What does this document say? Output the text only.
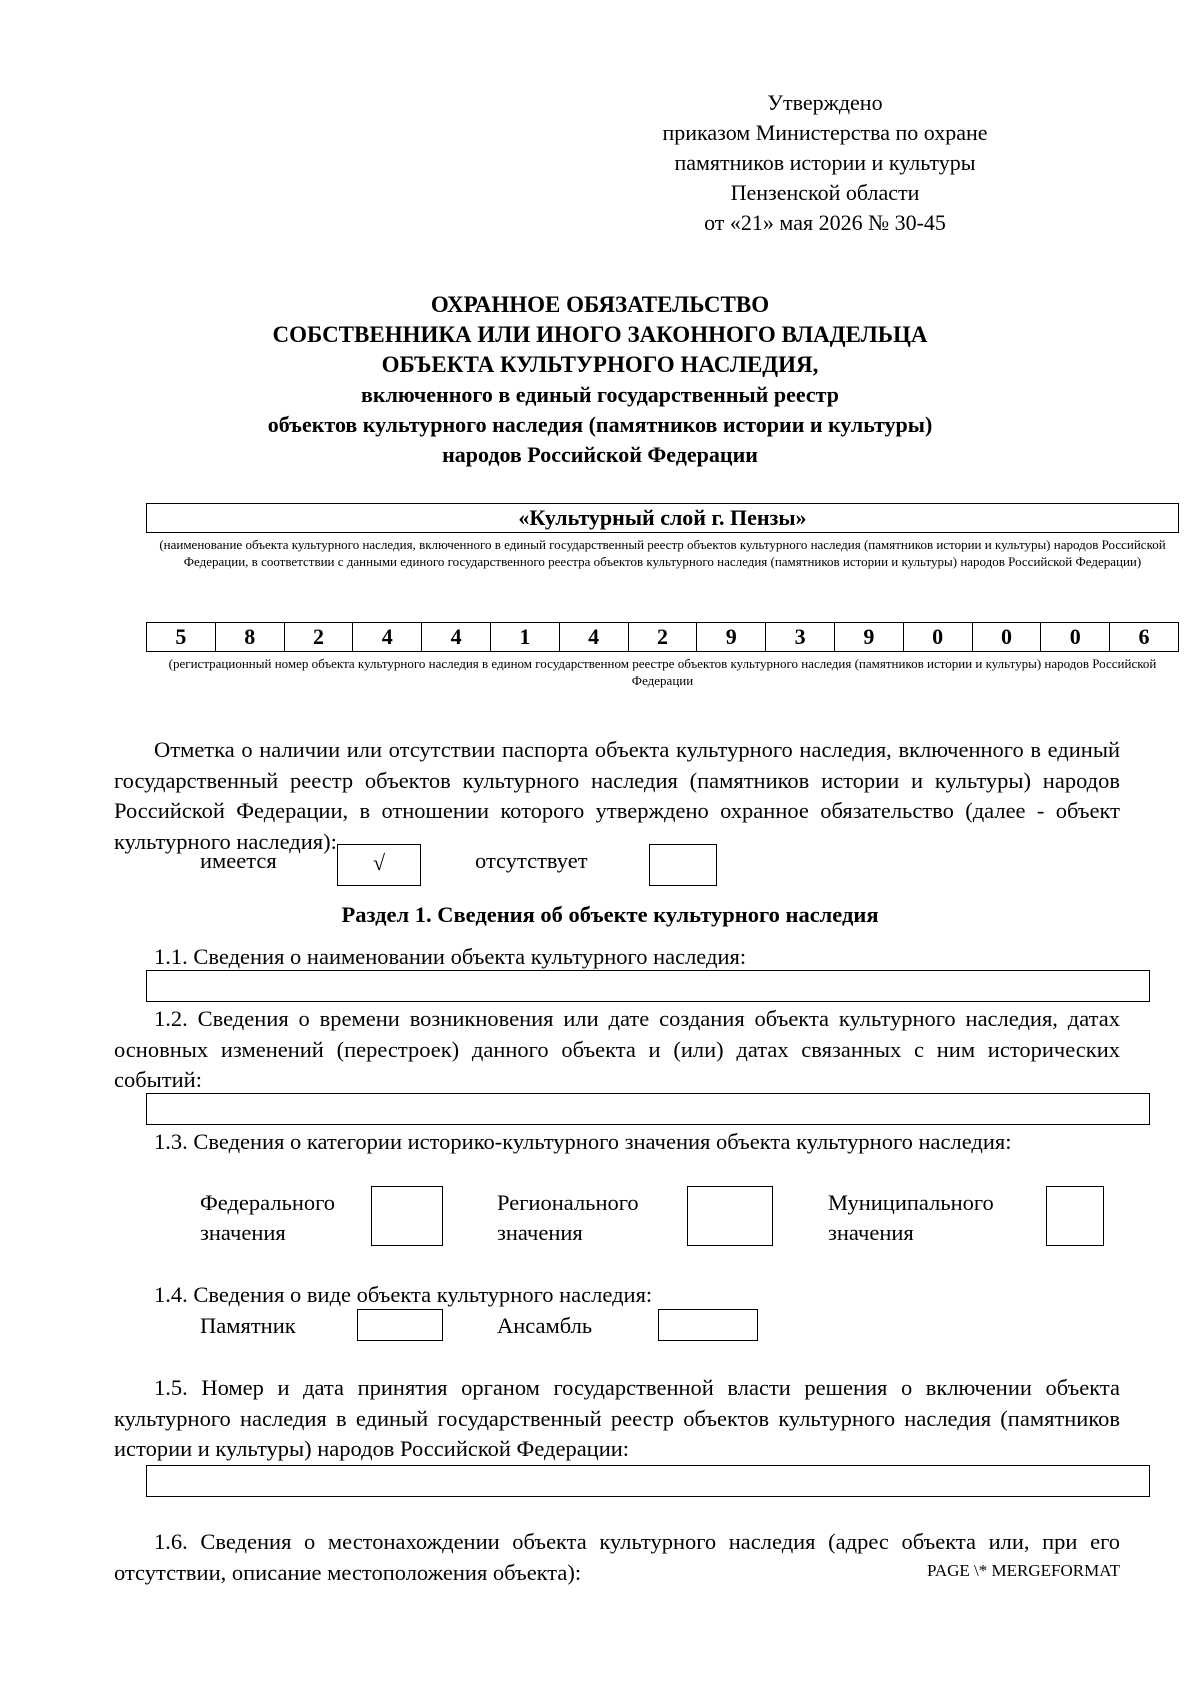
Утверждено
приказом Министерства по охране
памятников истории и культуры
Пензенской области
от «21» мая 2026 № 30-45
ОХРАННОЕ ОБЯЗАТЕЛЬСТВО
СОБСТВЕННИКА ИЛИ ИНОГО ЗАКОННОГО ВЛАДЕЛЬЦА
ОБЪЕКТА КУЛЬТУРНОГО НАСЛЕДИЯ,
включенного в единый государственный реестр
объектов культурного наследия (памятников истории и культуры)
народов Российской Федерации
«Культурный слой г. Пензы»
(наименование объекта культурного наследия, включенного в единый государственный реестр объектов культурного наследия (памятников истории и культуры) народов Российской Федерации, в соответствии с данными единого государственного реестра объектов культурного наследия (памятников истории и культуры) народов Российской Федерации)
5	8	2	4	4	1	4	2	9	3	9	0	0	0	6
(регистрационный номер объекта культурного наследия в едином государственном реестре объектов культурного наследия (памятников истории и культуры) народов Российской Федерации
Отметка о наличии или отсутствии паспорта объекта культурного наследия, включенного в единый государственный реестр объектов культурного наследия (памятников истории и культуры) народов Российской Федерации, в отношении которого утверждено охранное обязательство (далее - объект культурного наследия):
имеется	√	отсутствует
Раздел 1. Сведения об объекте культурного наследия
1.1. Сведения о наименовании объекта культурного наследия:
1.2. Сведения о времени возникновения или дате создания объекта культурного наследия, датах основных изменений (перестроек) данного объекта и (или) датах связанных с ним исторических событий:
1.3. Сведения о категории историко-культурного значения объекта культурного наследия:
Федерального значения
Регионального значения
Муниципального значения
1.4. Сведения о виде объекта культурного наследия:
Памятник	Ансамбль
1.5. Номер и дата принятия органом государственной власти решения о включении объекта культурного наследия в единый государственный реестр объектов культурного наследия (памятников истории и культуры) народов Российской Федерации:
1.6. Сведения о местонахождении объекта культурного наследия (адрес объекта или, при его отсутствии, описание местоположения объекта):	PAGE \* MERGEFORMAT
